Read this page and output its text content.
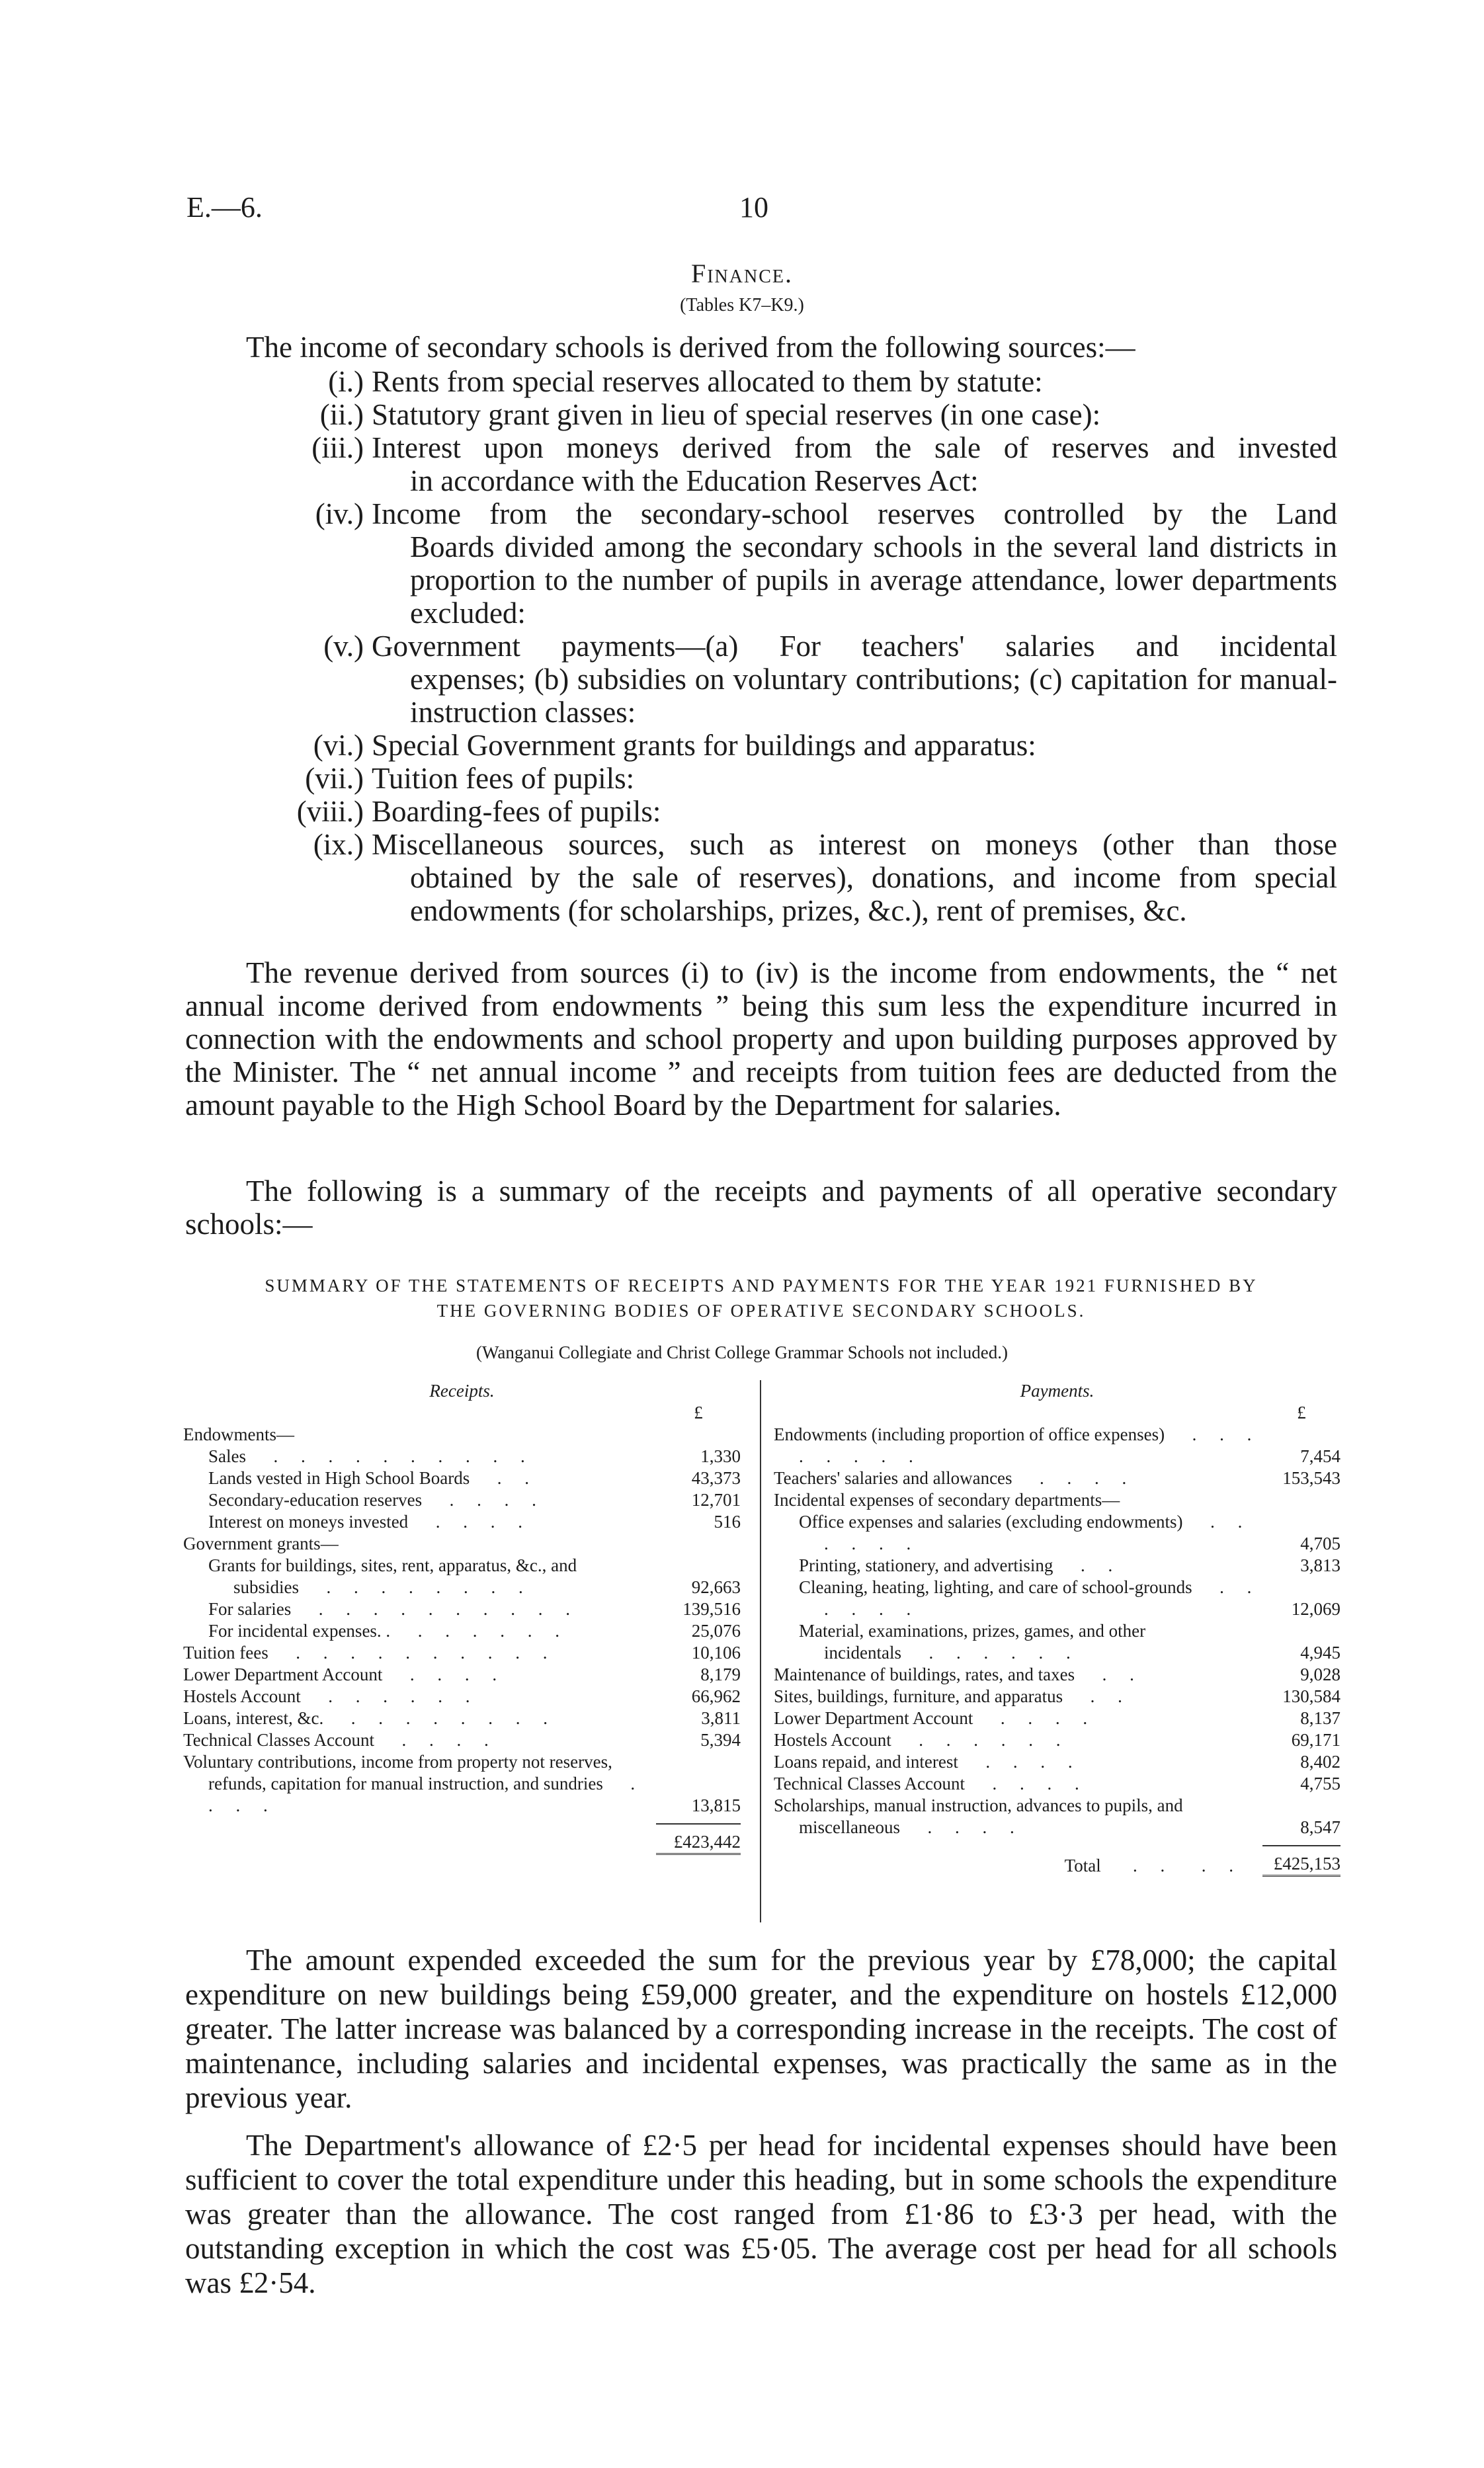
E.—6.	10
Finance.
(Tables K7–K9.)
The income of secondary schools is derived from the following sources:—
(i.) Rents from special reserves allocated to them by statute:
(ii.) Statutory grant given in lieu of special reserves (in one case):
(iii.) Interest upon moneys derived from the sale of reserves and invested
in accordance with the Education Reserves Act:
(iv.) Income from the secondary-school reserves controlled by the Land
Boards divided among the secondary schools in the several land districts in proportion to the number of pupils in average attendance, lower departments excluded:
(v.) Government payments—(a) For teachers' salaries and incidental
expenses; (b) subsidies on voluntary contributions; (c) capitation for manual-instruction classes:
(vi.) Special Government grants for buildings and apparatus:
(vii.) Tuition fees of pupils:
(viii.) Boarding-fees of pupils:
(ix.) Miscellaneous sources, such as interest on moneys (other than those
obtained by the sale of reserves), donations, and income from special endowments (for scholarships, prizes, &c.), rent of premises, &c.
The revenue derived from sources (i) to (iv) is the income from endowments, the “ net annual income derived from endowments ” being this sum less the expenditure incurred in connection with the endowments and school property and upon building purposes approved by the Minister. The “ net annual income ” and receipts from tuition fees are deducted from the amount payable to the High School Board by the Department for salaries.
The following is a summary of the receipts and payments of all operative secondary schools:—
SUMMARY OF THE STATEMENTS OF RECEIPTS AND PAYMENTS FOR THE YEAR 1921 FURNISHED BY
THE GOVERNING BODIES OF OPERATIVE SECONDARY SCHOOLS.
(Wanganui Collegiate and Christ College Grammar Schools not included.)
Receipts.
£
Endowments—
Sales  . . . . . . . . . .	1,330
Lands vested in High School Boards  . .	43,373
Secondary-education reserves  . . . .	12,701
Interest on moneys invested  . . . .	516
Government grants—
Grants for buildings, sites, rent, apparatus, &c., and subsidies  . . . . . . . .	92,663
For salaries  . . . . . . . . . .	139,516
For incidental expenses. .  . . . . . .	25,076
Tuition fees  . . . . . . . . . .	10,106
Lower Department Account  . . . .	8,179
Hostels Account  . . . . . .	66,962
Loans, interest, &c.  . . . . . . . .	3,811
Technical Classes Account  . . . .	5,394
Voluntary contributions, income from property not reserves, refunds, capitation for manual instruction, and sundries  . . . .	13,815
£423,442
Payments.
£
Endowments (including proportion of office expenses)  . . . . . . . .	7,454
Teachers' salaries and allowances  . . . .	153,543
Incidental expenses of secondary departments—
Office expenses and salaries (excluding endowments)  . . . . . .	4,705
Printing, stationery, and advertising  . .	3,813
Cleaning, heating, lighting, and care of school-grounds  . . . . . .	12,069
Material, examinations, prizes, games, and other incidentals  . . . . . .	4,945
Maintenance of buildings, rates, and taxes  . .	9,028
Sites, buildings, furniture, and apparatus  . .	130,584
Lower Department Account  . . . .	8,137
Hostels Account  . . . . . .	69,171
Loans repaid, and interest  . . . .	8,402
Technical Classes Account  . . . .	4,755
Scholarships, manual instruction, advances to pupils, and miscellaneous  . . . .	8,547
Total   . .  . .	£425,153

The amount expended exceeded the sum for the previous year by £78,000; the capital expenditure on new buildings being £59,000 greater, and the expenditure on hostels £12,000 greater. The latter increase was balanced by a corresponding increase in the receipts. The cost of maintenance, including salaries and incidental expenses, was practically the same as in the previous year.

The Department's allowance of £2·5 per head for incidental expenses should have been sufficient to cover the total expenditure under this heading, but in some schools the expenditure was greater than the allowance. The cost ranged from £1·86 to £3·3 per head, with the outstanding exception in which the cost was £5·05. The average cost per head for all schools was £2·54.
